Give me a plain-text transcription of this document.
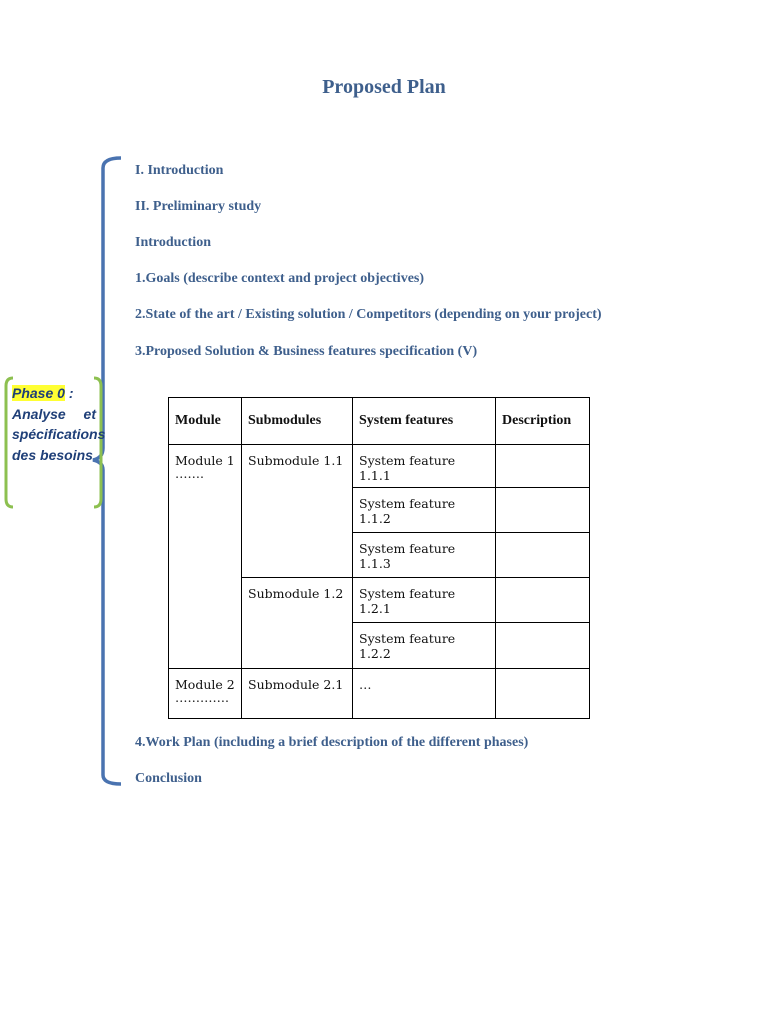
Proposed Plan
I. Introduction
II. Preliminary study
Introduction
1.Goals (describe context and project objectives)
2.State of the art / Existing solution / Competitors (depending on your project)
3.Proposed Solution & Business features specification (V)
4.Work Plan (including a brief description of the different phases)
Conclusion
Phase 0 :
Analyse et spécifications des besoins
Module	Submodules	System features	Description
Module 1
…….	Submodule 1.1	System feature 1.1.1	
		System feature 1.1.2	
		System feature 1.1.3	
	Submodule 1.2	System feature 1.2.1	
		System feature 1.2.2	
Module 2
………….	Submodule 2.1	…	
